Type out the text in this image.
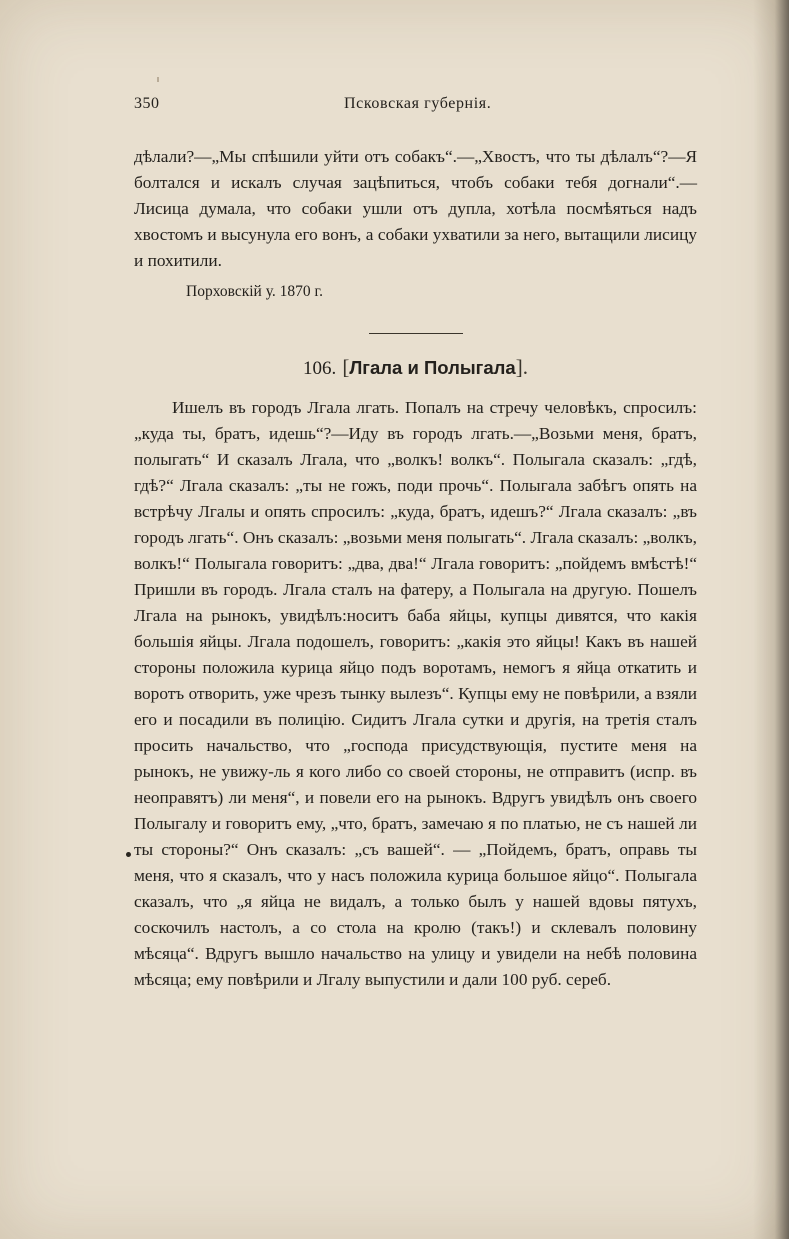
350	Псковская губернія.

дѣлали?—„Мы спѣшили уйти отъ собакъ“.—„Хвостъ, что ты дѣлалъ“?—Я болтался и искалъ случая зацѣпиться, чтобъ собаки тебя догнали“.—Лисица думала, что собаки ушли отъ дупла, хотѣла посмѣяться надъ хвостомъ и высунула его вонъ, а собаки ухватили за него, вытащили лисицу и похитили.

Порховскій у. 1870 г.
106. [Лгала и Полыгала].

Ишелъ въ городъ Лгала лгать. Попалъ на стречу человѣкъ, спросилъ: „куда ты, братъ, идешь“?—Иду въ городъ лгать.—„Возьми меня, братъ, полыгать“ И сказалъ Лгала, что „волкъ! волкъ“. Полыгала сказалъ: „гдѣ, гдѣ?“ Лгала сказалъ: „ты не гожъ, поди прочь“. Полыгала забѣгъ опять на встрѣчу Лгалы и опять спросилъ: „куда, братъ, идешъ?“ Лгала сказалъ: „въ городъ лгать“. Онъ сказалъ: „возьми меня полыгать“. Лгала сказалъ: „волкъ, волкъ!“ Полыгала говоритъ: „два, два!“ Лгала говоритъ: „пойдемъ вмѣстѣ!“ Пришли въ городъ. Лгала сталъ на фатеру, а Полыгала на другую. Пошелъ Лгала на рынокъ, увидѣлъ:носитъ баба яйцы, купцы дивятся, что какія большія яйцы. Лгала подошелъ, говоритъ: „какія это яйцы! Какъ въ нашей стороны положила курица яйцо подъ воротамъ, немогъ я яйца откатить и воротъ отворить, уже чрезъ тынку вылезъ“. Купцы ему не повѣрили, а взяли его и посадили въ полицію. Сидитъ Лгала сутки и другія, на третія сталъ просить начальство, что „господа присудствующія, пустите меня на рынокъ, не увижу-ль я кого либо со своей стороны, не отправитъ (испр. въ неоправятъ) ли меня“, и повели его на рынокъ. Вдругъ увидѣлъ онъ своего Полыгалу и говоритъ ему, „что, братъ, замечаю я по платью, не съ нашей ли ты стороны?“ Онъ сказалъ: „съ вашей“. — „Пойдемъ, братъ, оправь ты меня, что я сказалъ, что у насъ положила курица большое яйцо“. Полыгала сказалъ, что „я яйца не видалъ, а только былъ у нашей вдовы пятухъ, соскочилъ настолъ, а со стола на кролю (такъ!) и склевалъ половину мѣсяца“. Вдругъ вышло начальство на улицу и увидели на небѣ половина мѣсяца; ему повѣрили и Лгалу выпустили и дали 100 руб. сереб.
